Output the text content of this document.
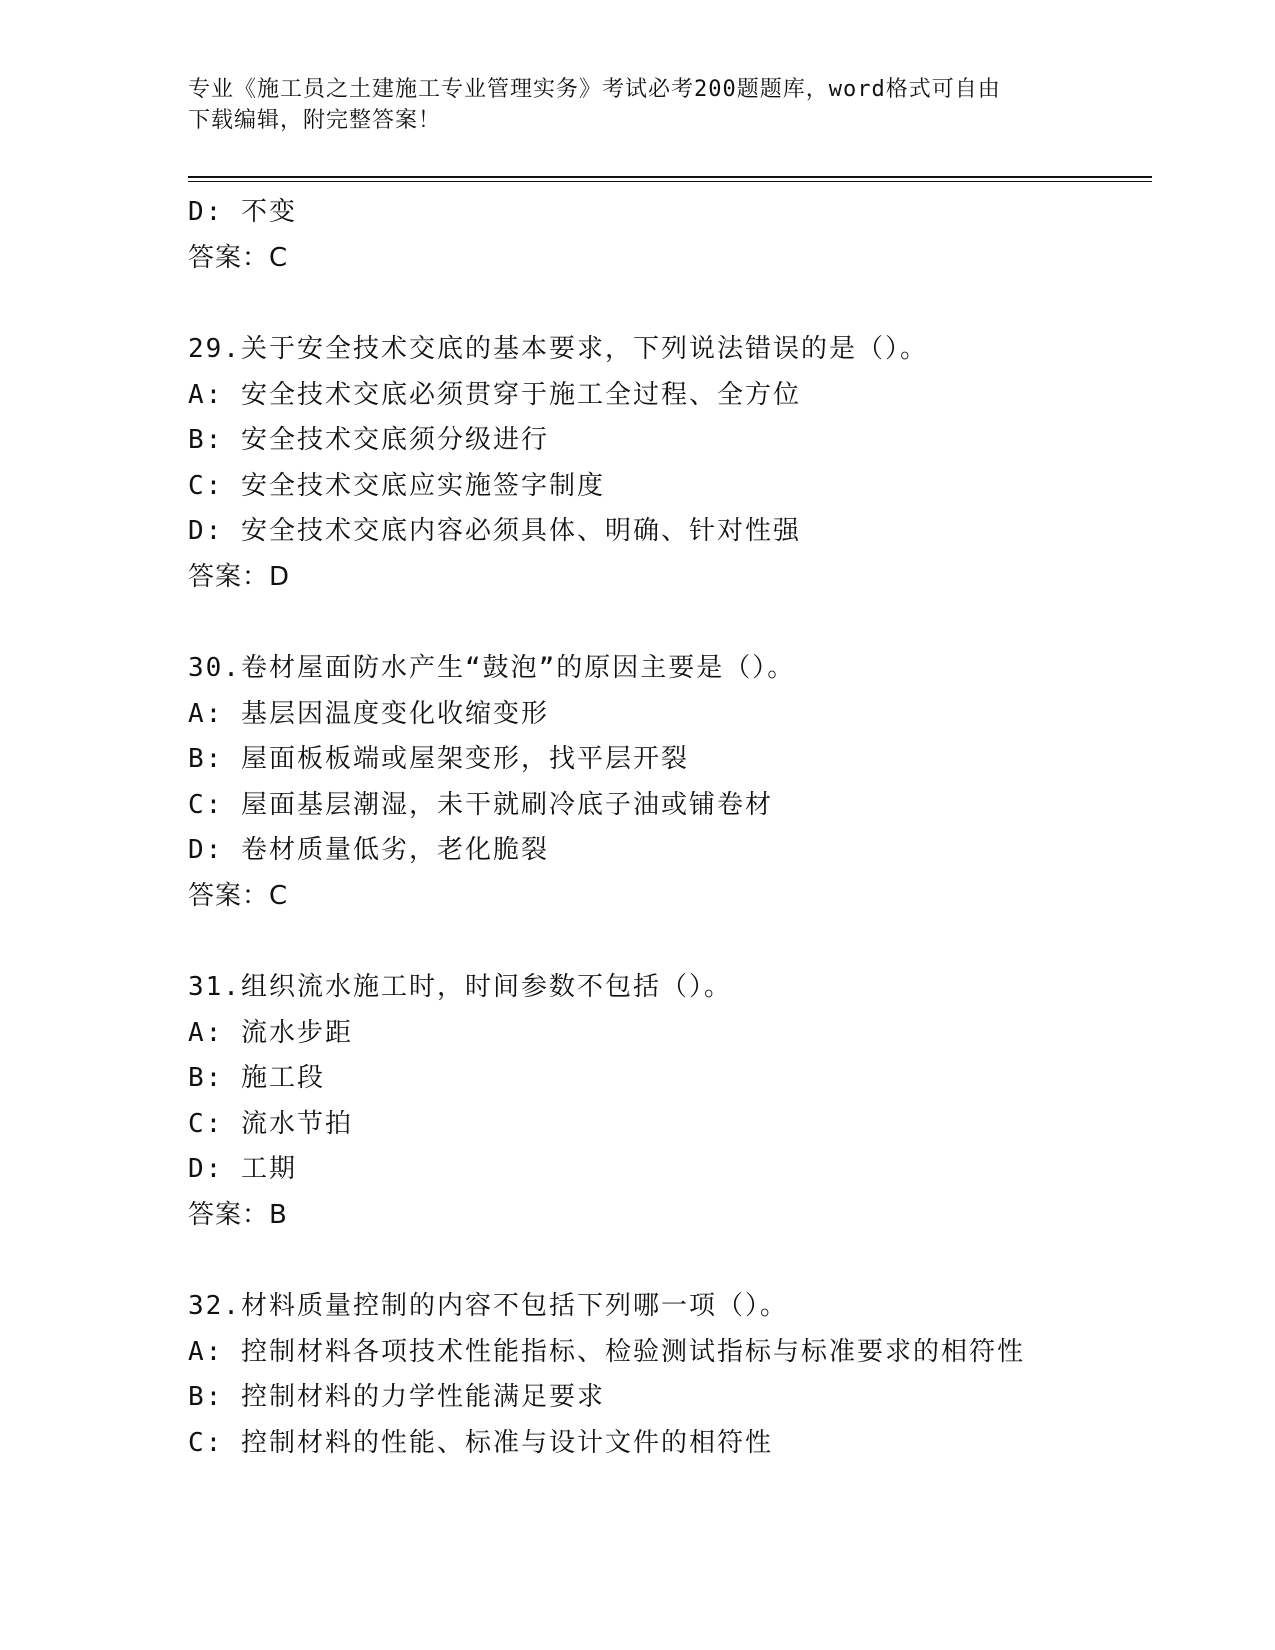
专业《施工员之土建施工专业管理实务》考试必考200题题库，word格式可自由
下载编辑，附完整答案！
D: 不变
答案：C
29.关于安全技术交底的基本要求，下列说法错误的是（）。
A: 安全技术交底必须贯穿于施工全过程、全方位
B: 安全技术交底须分级进行
C: 安全技术交底应实施签字制度
D: 安全技术交底内容必须具体、明确、针对性强
答案：D
30.卷材屋面防水产生“鼓泡”的原因主要是（）。
A: 基层因温度变化收缩变形
B: 屋面板板端或屋架变形，找平层开裂
C: 屋面基层潮湿，未干就刷冷底子油或铺卷材
D: 卷材质量低劣，老化脆裂
答案：C
31.组织流水施工时，时间参数不包括（）。
A: 流水步距
B: 施工段
C: 流水节拍
D: 工期
答案：B
32.材料质量控制的内容不包括下列哪一项（）。
A: 控制材料各项技术性能指标、检验测试指标与标准要求的相符性
B: 控制材料的力学性能满足要求
C: 控制材料的性能、标准与设计文件的相符性
